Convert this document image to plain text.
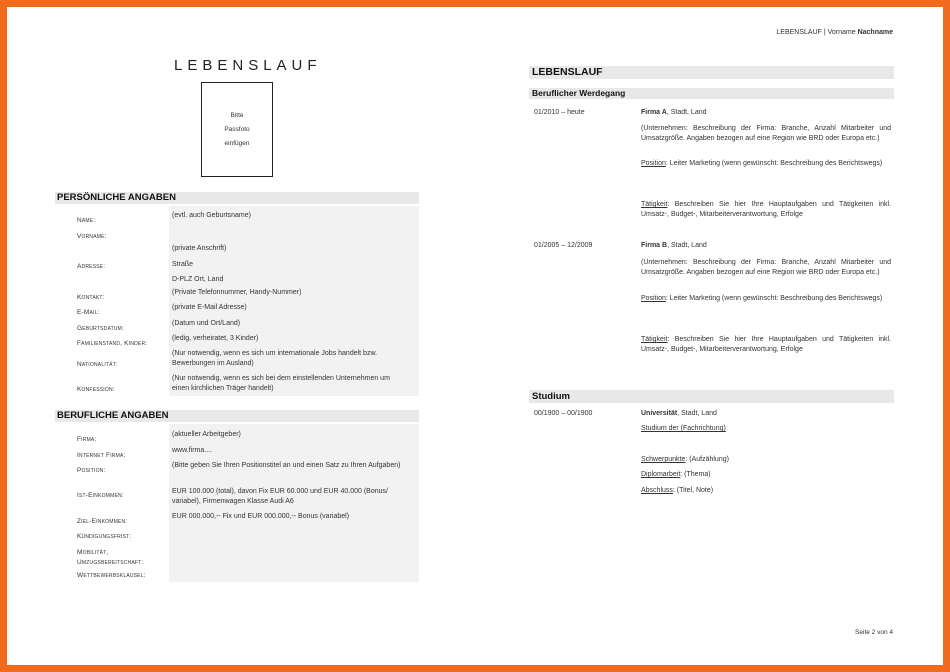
LEBENSLAUF | Vorname Nachname
LEBENSLAUF
Bitte
Passfoto
einfügen
PERSÖNLICHE ANGABEN
Name:
(evtl. auch Geburtsname)
Vorname:
Adresse:
(private Anschrift)
Straße
D-PLZ Ort, Land
Kontakt:
(Private Telefonnummer, Handy-Nummer)
E-Mail:
(private E-Mail Adresse)
Geburtsdatum:
(Datum und Ort/Land)
Familienstand, Kinder:
(ledig, verheiratet, 3 Kinder)
Nationalität:
(Nur notwendig, wenn es sich um internationale Jobs handelt bzw. Bewerbungen im Ausland)
Konfession:
(Nur notwendig, wenn es sich bei dem einstellenden Unternehmen um einen kirchlichen Träger handelt)
BERUFLICHE ANGABEN
Firma:
(aktueller Arbeitgeber)
Internet Firma:
www.firma....
Position:
(Bitte geben Sie Ihren Positionstitel an und einen Satz zu Ihren Aufgaben)
Ist-Einkommen:
EUR 100.000 (total), davon Fix EUR 60.000 und EUR 40.000 (Bonus/ variabel), Firmenwagen Klasse Audi A6
Ziel-Einkommen:
EUR 000.000,-- Fix und EUR 000.000,-- Bonus (variabel)
Kündigungsfrist:
Mobilität, Umzugsbereitschaft:
Wettbewerbsklausel:
LEBENSLAUF
Beruflicher Werdegang
01/2010 – heute	Firma A, Stadt, Land
(Unternehmen: Beschreibung der Firma: Branche, Anzahl Mitarbeiter und Umsatzgröße. Angaben bezogen auf eine Region wie BRD oder Europa etc.)
Position: Leiter Marketing (wenn gewünscht: Beschreibung des Berichtswegs)
Tätigkeit: Beschreiben Sie hier Ihre Hauptaufgaben und Tätigkeiten inkl. Umsatz-, Budget-, Mitarbeiterverantwortung, Erfolge
01/2005 – 12/2009	Firma B, Stadt, Land
(Unternehmen: Beschreibung der Firma: Branche, Anzahl Mitarbeiter und Umsatzgröße. Angaben bezogen auf eine Region wie BRD oder Europa etc.)
Position: Leiter Marketing (wenn gewünscht: Beschreibung des Berichtswegs)
Tätigkeit: Beschreiben Sie hier Ihre Hauptaufgaben und Tätigkeiten inkl. Umsatz-, Budget-, Mitarbeiterverantwortung, Erfolge
Studium
00/1900 – 00/1900	Universität, Stadt, Land
Studium der (Fachrichtung)
Schwerpunkte: (Aufzählung)
Diplomarbeit: (Thema)
Abschluss: (Titel, Note)
Seite 2 von 4
